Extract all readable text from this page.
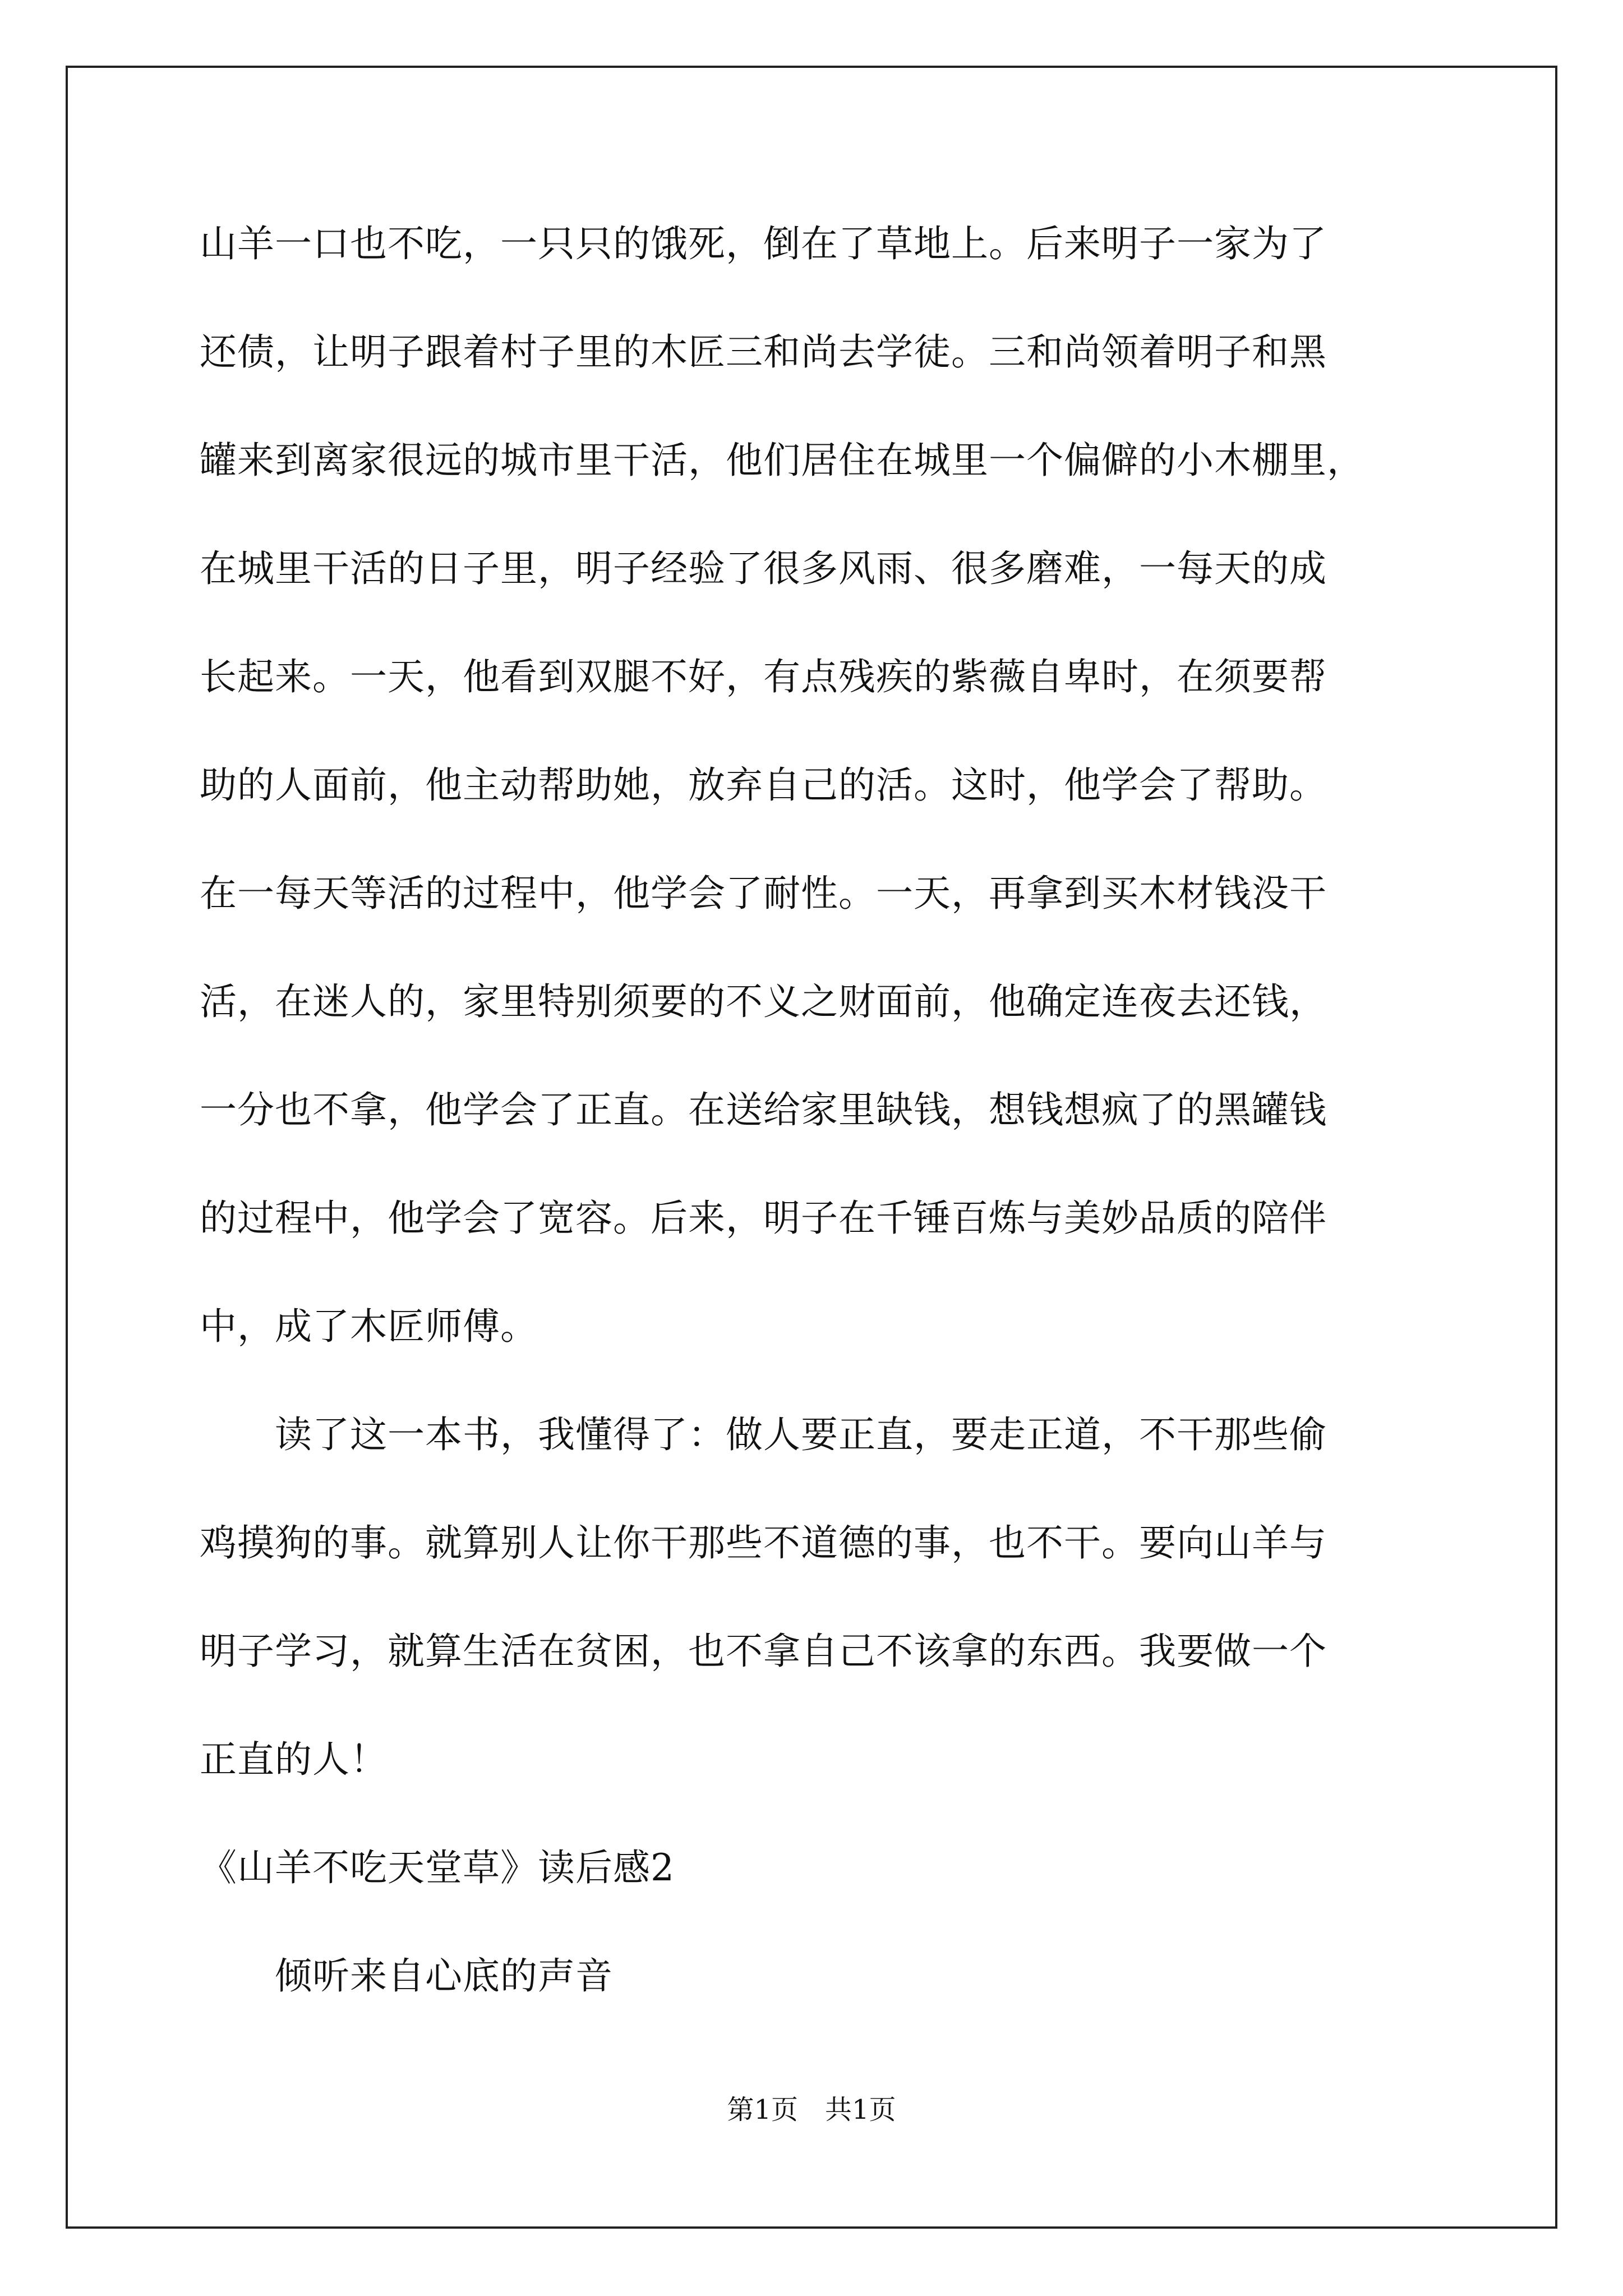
山羊一口也不吃，一只只的饿死，倒在了草地上。后来明子一家为了
还债，让明子跟着村子里的木匠三和尚去学徒。三和尚领着明子和黑
罐来到离家很远的城市里干活，他们居住在城里一个偏僻的小木棚里，
在城里干活的日子里，明子经验了很多风雨、很多磨难，一每天的成
长起来。一天，他看到双腿不好，有点残疾的紫薇自卑时，在须要帮
助的人面前，他主动帮助她，放弃自己的活。这时，他学会了帮助。
在一每天等活的过程中，他学会了耐性。一天，再拿到买木材钱没干
活，在迷人的，家里特别须要的不义之财面前，他确定连夜去还钱，
一分也不拿，他学会了正直。在送给家里缺钱，想钱想疯了的黑罐钱
的过程中，他学会了宽容。后来，明子在千锤百炼与美妙品质的陪伴
中，成了木匠师傅。
　　读了这一本书，我懂得了：做人要正直，要走正道，不干那些偷
鸡摸狗的事。就算别人让你干那些不道德的事，也不干。要向山羊与
明子学习，就算生活在贫困，也不拿自己不该拿的东西。我要做一个
正直的人！
《山羊不吃天堂草》读后感2
　　倾听来自心底的声音
第1页　共1页
